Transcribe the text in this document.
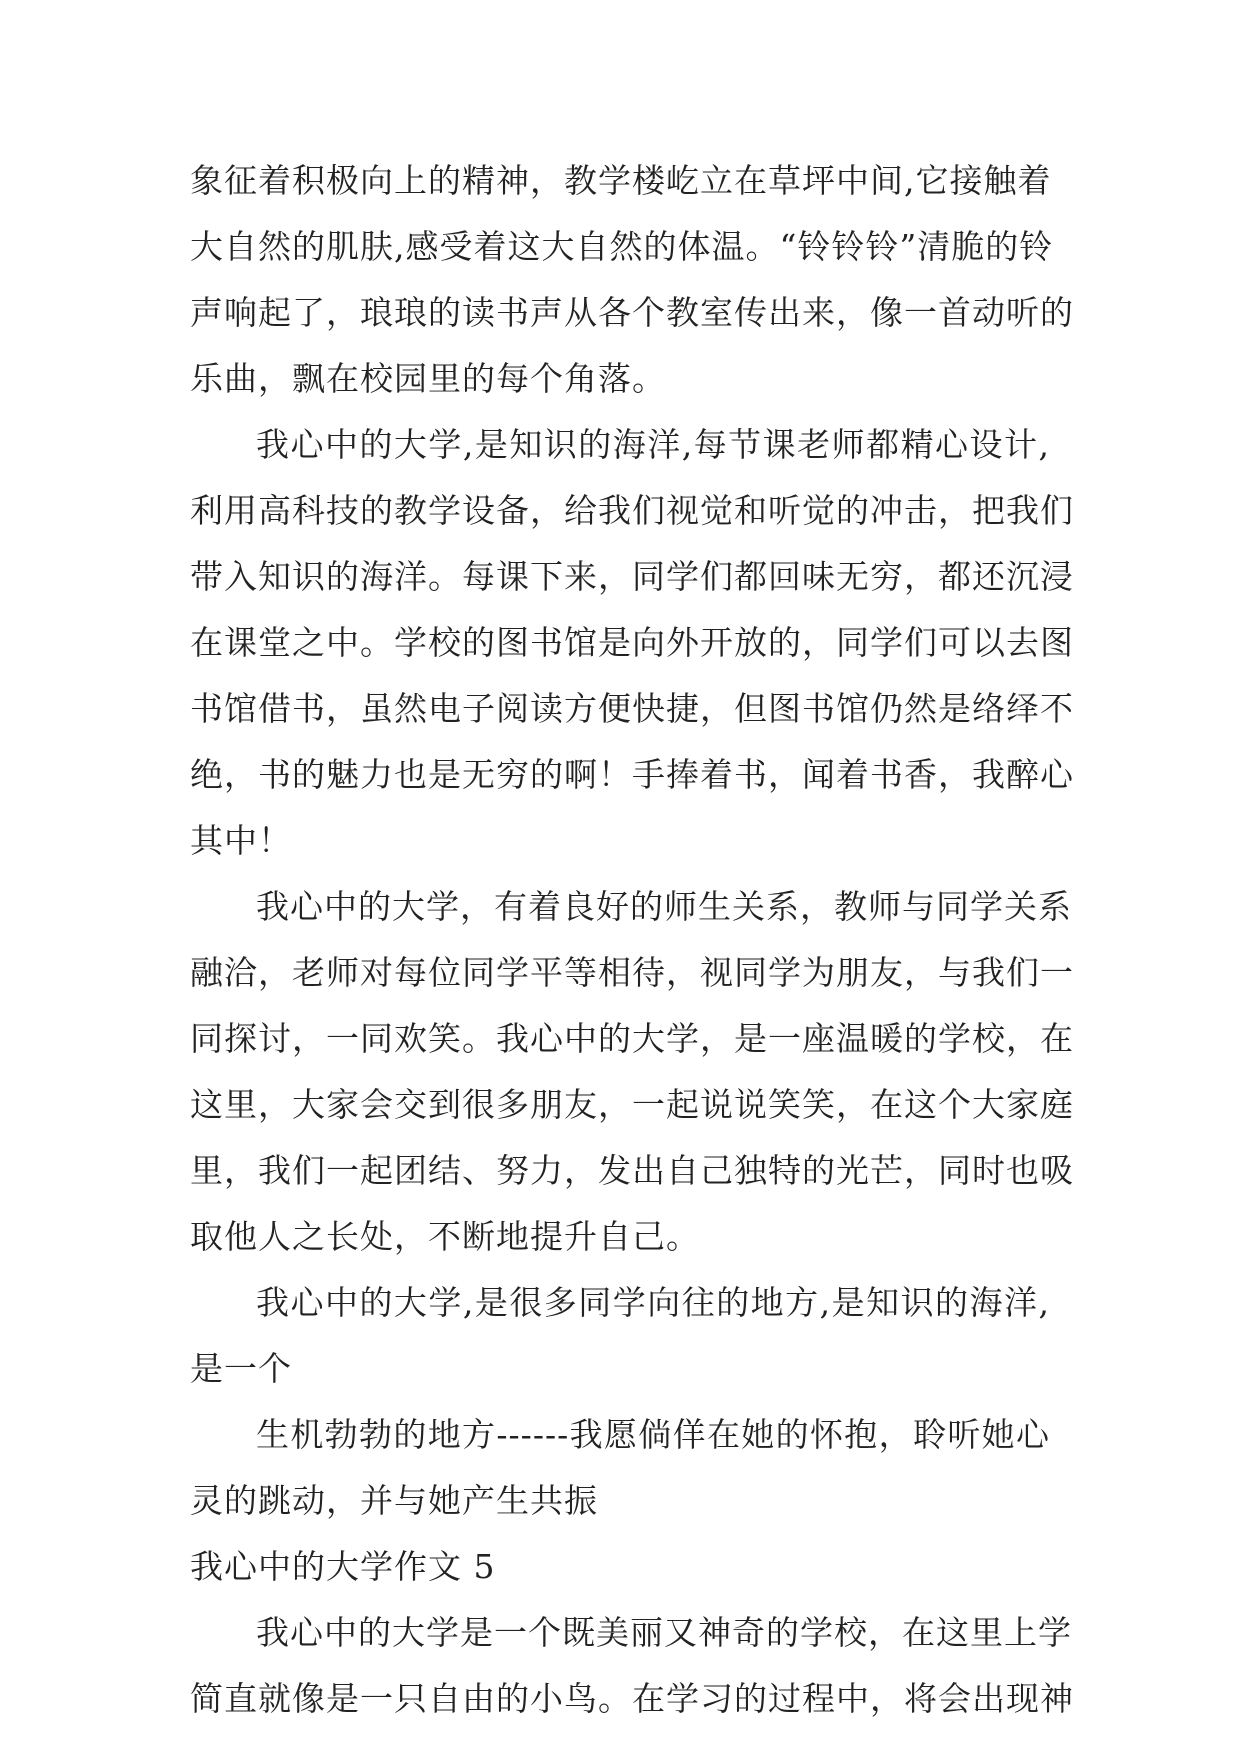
象征着积极向上的精神，教学楼屹立在草坪中间,它接触着
大自然的肌肤,感受着这大自然的体温。“铃铃铃”清脆的铃
声响起了，琅琅的读书声从各个教室传出来，像一首动听的
乐曲，飘在校园里的每个角落。
我心中的大学,是知识的海洋,每节课老师都精心设计,
利用高科技的教学设备，给我们视觉和听觉的冲击，把我们
带入知识的海洋。每课下来，同学们都回味无穷，都还沉浸
在课堂之中。学校的图书馆是向外开放的，同学们可以去图
书馆借书，虽然电子阅读方便快捷，但图书馆仍然是络绎不
绝，书的魅力也是无穷的啊！手捧着书，闻着书香，我醉心
其中！
我心中的大学，有着良好的师生关系，教师与同学关系
融洽，老师对每位同学平等相待，视同学为朋友，与我们一
同探讨，一同欢笑。我心中的大学，是一座温暖的学校，在
这里，大家会交到很多朋友，一起说说笑笑，在这个大家庭
里，我们一起团结、努力，发出自己独特的光芒，同时也吸
取他人之长处，不断地提升自己。
我心中的大学,是很多同学向往的地方,是知识的海洋,
是一个
生机勃勃的地方------我愿倘佯在她的怀抱，聆听她心
灵的跳动，并与她产生共振
我心中的大学作文 5
我心中的大学是一个既美丽又神奇的学校，在这里上学
简直就像是一只自由的小鸟。在学习的过程中，将会出现神
